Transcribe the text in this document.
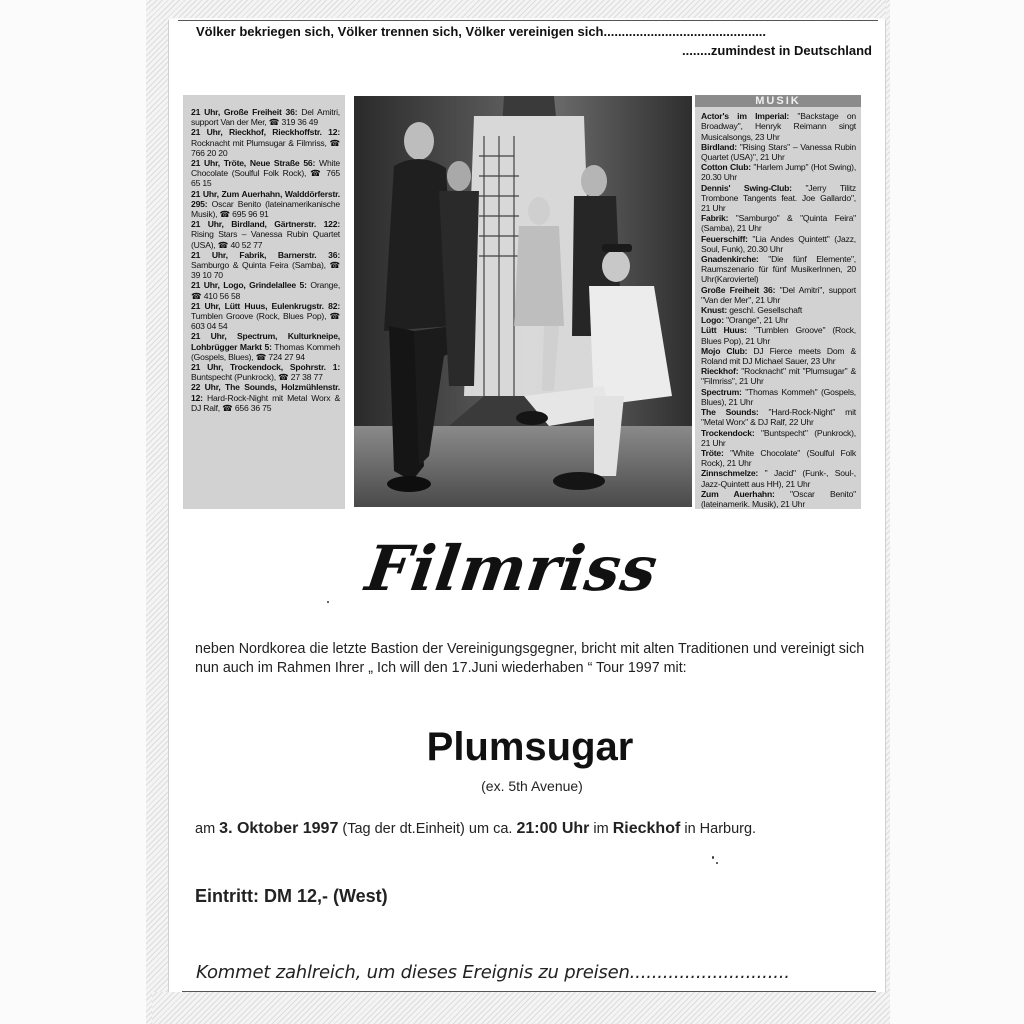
Völker bekriegen sich, Völker trennen sich, Völker vereinigen sich.............................................
........zumindest in Deutschland

21 Uhr, Große Freiheit 36: Del Amitri, support Van der Mer, ☎ 319 36 49

21 Uhr, Rieckhof, Rieckhoffstr. 12: Rocknacht mit Plumsugar & Filmriss, ☎ 766 20 20

21 Uhr, Tröte, Neue Straße 56: White Chocolate (Soulful Folk Rock), ☎ 765 65 15

21 Uhr, Zum Auerhahn, Walddörferstr. 295: Oscar Benito (lateinamerikanische Musik), ☎ 695 96 91

21 Uhr, Birdland, Gärtnerstr. 122: Rising Stars – Vanessa Rubin Quartet (USA), ☎ 40 52 77

21 Uhr, Fabrik, Barnerstr. 36: Samburgo & Quinta Feira (Samba), ☎ 39 10 70

21 Uhr, Logo, Grindelallee 5: Orange, ☎ 410 56 58

21 Uhr, Lütt Huus, Eulenkrugstr. 82: Tumblen Groove (Rock, Blues Pop), ☎ 603 04 54

21 Uhr, Spectrum, Kulturkneipe, Lohbrügger Markt 5: Thomas Kommeh (Gospels, Blues), ☎ 724 27 94

21 Uhr, Trockendock, Spohrstr. 1: Buntspecht (Punkrock), ☎ 27 38 77

22 Uhr, The Sounds, Holzmühlenstr. 12: Hard-Rock-Night mit Metal Worx & DJ Ralf, ☎ 656 36 75

MUSIK

Actor's im Imperial: "Backstage on Broadway", Henryk Reimann singt Musicalsongs, 23 Uhr

Birdland: "Rising Stars" – Vanessa Rubin Quartet (USA)", 21 Uhr

Cotton Club: "Harlem Jump" (Hot Swing), 20.30 Uhr

Dennis' Swing-Club: "Jerry Tilitz Trombone Tangents feat. Joe Gallardo", 21 Uhr

Fabrik: "Samburgo" & "Quinta Feira" (Samba), 21 Uhr

Feuerschiff: "Lia Andes Quintett" (Jazz, Soul, Funk), 20.30 Uhr

Gnadenkirche: "Die fünf Elemente", Raumszenario für fünf MusikerInnen, 20 Uhr(Karoviertel)

Große Freiheit 36: "Del Amitri", support "Van der Mer", 21 Uhr

Knust: geschl. Gesellschaft

Logo: "Orange", 21 Uhr

Lütt Huus: "Tumblen Groove" (Rock, Blues Pop), 21 Uhr

Mojo Club: DJ Fierce meets Dom & Roland mit DJ Michael Sauer, 23 Uhr

Rieckhof: "Rocknacht" mit "Plumsugar" & "Filmriss", 21 Uhr

Spectrum: "Thomas Kommeh" (Gospels, Blues), 21 Uhr

The Sounds: "Hard-Rock-Night" mit "Metal Worx" & DJ Ralf, 22 Uhr

Trockendock: "Buntspecht" (Punkrock), 21 Uhr

Tröte: "White Chocolate" (Soulful Folk Rock), 21 Uhr

Zinnschmelze: " Jacid" (Funk-, Soul-, Jazz-Quintett aus HH), 21 Uhr

Zum Auerhahn: "Oscar Benito" (lateinamerik. Musik), 21 Uhr

Filmriss
neben Nordkorea die letzte Bastion der Vereinigungsgegner, bricht mit alten Traditionen und vereinigt sich nun auch im Rahmen Ihrer „ Ich will den 17.Juni wiederhaben “ Tour 1997 mit:
Plumsugar
(ex. 5th Avenue)
am 3. Oktober 1997 (Tag der dt.Einheit) um ca. 21:00 Uhr im Rieckhof in Harburg.
Eintritt: DM 12,- (West)
Kommet zahlreich, um dieses Ereignis zu preisen.............................
